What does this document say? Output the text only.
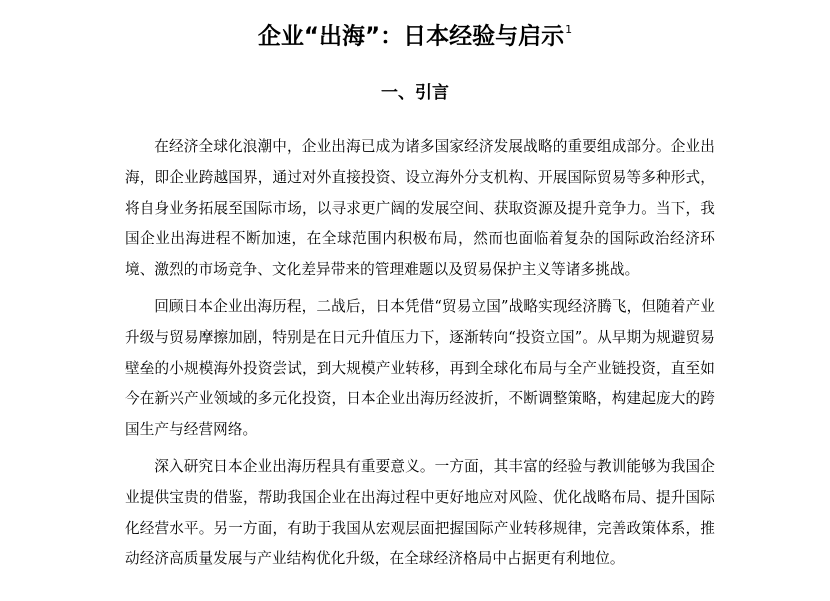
企业“出海”：日本经验与启示$^1$
一、引言

在经济全球化浪潮中，企业出海已成为诸多国家经济发展战略的重要组成部分。企业出海，即企业跨越国界，通过对外直接投资、设立海外分支机构、开展国际贸易等多种形式，将自身业务拓展至国际市场，以寻求更广阔的发展空间、获取资源及提升竞争力。当下，我国企业出海进程不断加速，在全球范围内积极布局，然而也面临着复杂的国际政治经济环境、激烈的市场竞争、文化差异带来的管理难题以及贸易保护主义等诸多挑战。

回顾日本企业出海历程，二战后，日本凭借“贸易立国”战略实现经济腾飞，但随着产业升级与贸易摩擦加剧，特别是在日元升值压力下，逐渐转向“投资立国”。从早期为规避贸易壁垒的小规模海外投资尝试，到大规模产业转移，再到全球化布局与全产业链投资，直至如今在新兴产业领域的多元化投资，日本企业出海历经波折，不断调整策略，构建起庞大的跨国生产与经营网络。

深入研究日本企业出海历程具有重要意义。一方面，其丰富的经验与教训能够为我国企业提供宝贵的借鉴，帮助我国企业在出海过程中更好地应对风险、优化战略布局、提升国际化经营水平。另一方面，有助于我国从宏观层面把握国际产业转移规律，完善政策体系，推动经济高质量发展与产业结构优化升级，在全球经济格局中占据更有利地位。
